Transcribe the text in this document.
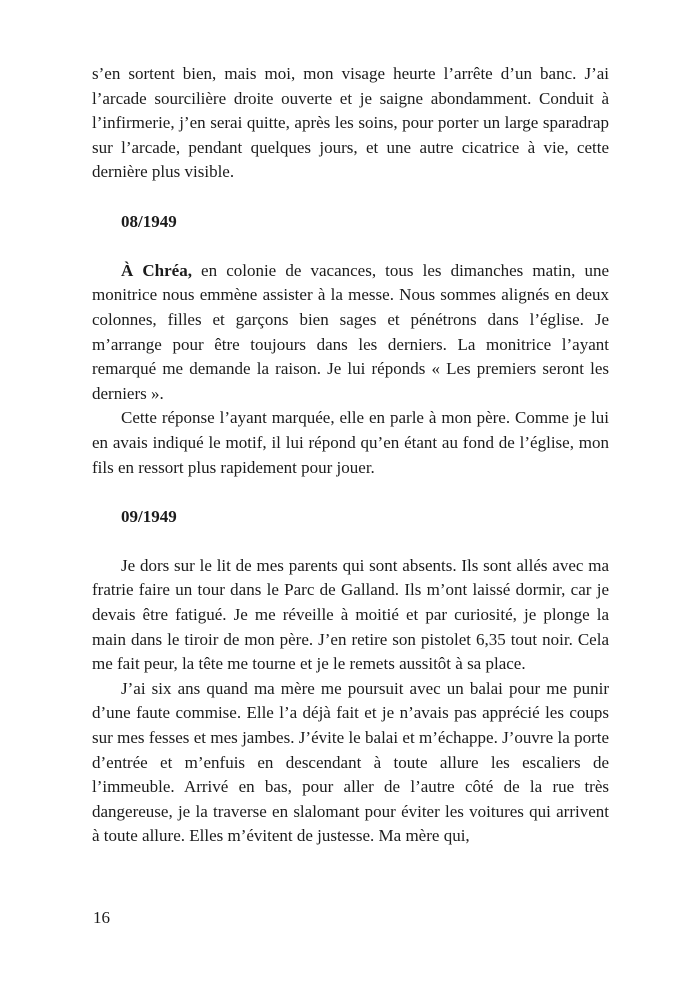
s’en sortent bien, mais moi, mon visage heurte l’arrête d’un banc. J’ai l’arcade sourcilière droite ouverte et je saigne abondamment. Conduit à l’infirmerie, j’en serai quitte, après les soins, pour porter un large sparadrap sur l’arcade, pendant quelques jours, et une autre cicatrice à vie, cette dernière plus visible.

08/1949

À Chréa, en colonie de vacances, tous les dimanches matin, une monitrice nous emmène assister à la messe. Nous sommes alignés en deux colonnes, filles et garçons bien sages et pénétrons dans l’église. Je m’arrange pour être toujours dans les derniers. La monitrice l’ayant remarqué me demande la raison. Je lui réponds « Les premiers seront les derniers ».

Cette réponse l’ayant marquée, elle en parle à mon père. Comme je lui en avais indiqué le motif, il lui répond qu’en étant au fond de l’église, mon fils en ressort plus rapidement pour jouer.

09/1949

Je dors sur le lit de mes parents qui sont absents. Ils sont allés avec ma fratrie faire un tour dans le Parc de Galland. Ils m’ont laissé dormir, car je devais être fatigué. Je me réveille à moitié et par curiosité, je plonge la main dans le tiroir de mon père. J’en retire son pistolet 6,35 tout noir. Cela me fait peur, la tête me tourne et je le remets aussitôt à sa place.

J’ai six ans quand ma mère me poursuit avec un balai pour me punir d’une faute commise. Elle l’a déjà fait et je n’avais pas apprécié les coups sur mes fesses et mes jambes. J’évite le balai et m’échappe. J’ouvre la porte d’entrée et m’enfuis en descendant à toute allure les escaliers de l’immeuble. Arrivé en bas, pour aller de l’autre côté de la rue très dangereuse, je la traverse en slalomant pour éviter les voitures qui arrivent à toute allure. Elles m’évitent de justesse. Ma mère qui,

16
